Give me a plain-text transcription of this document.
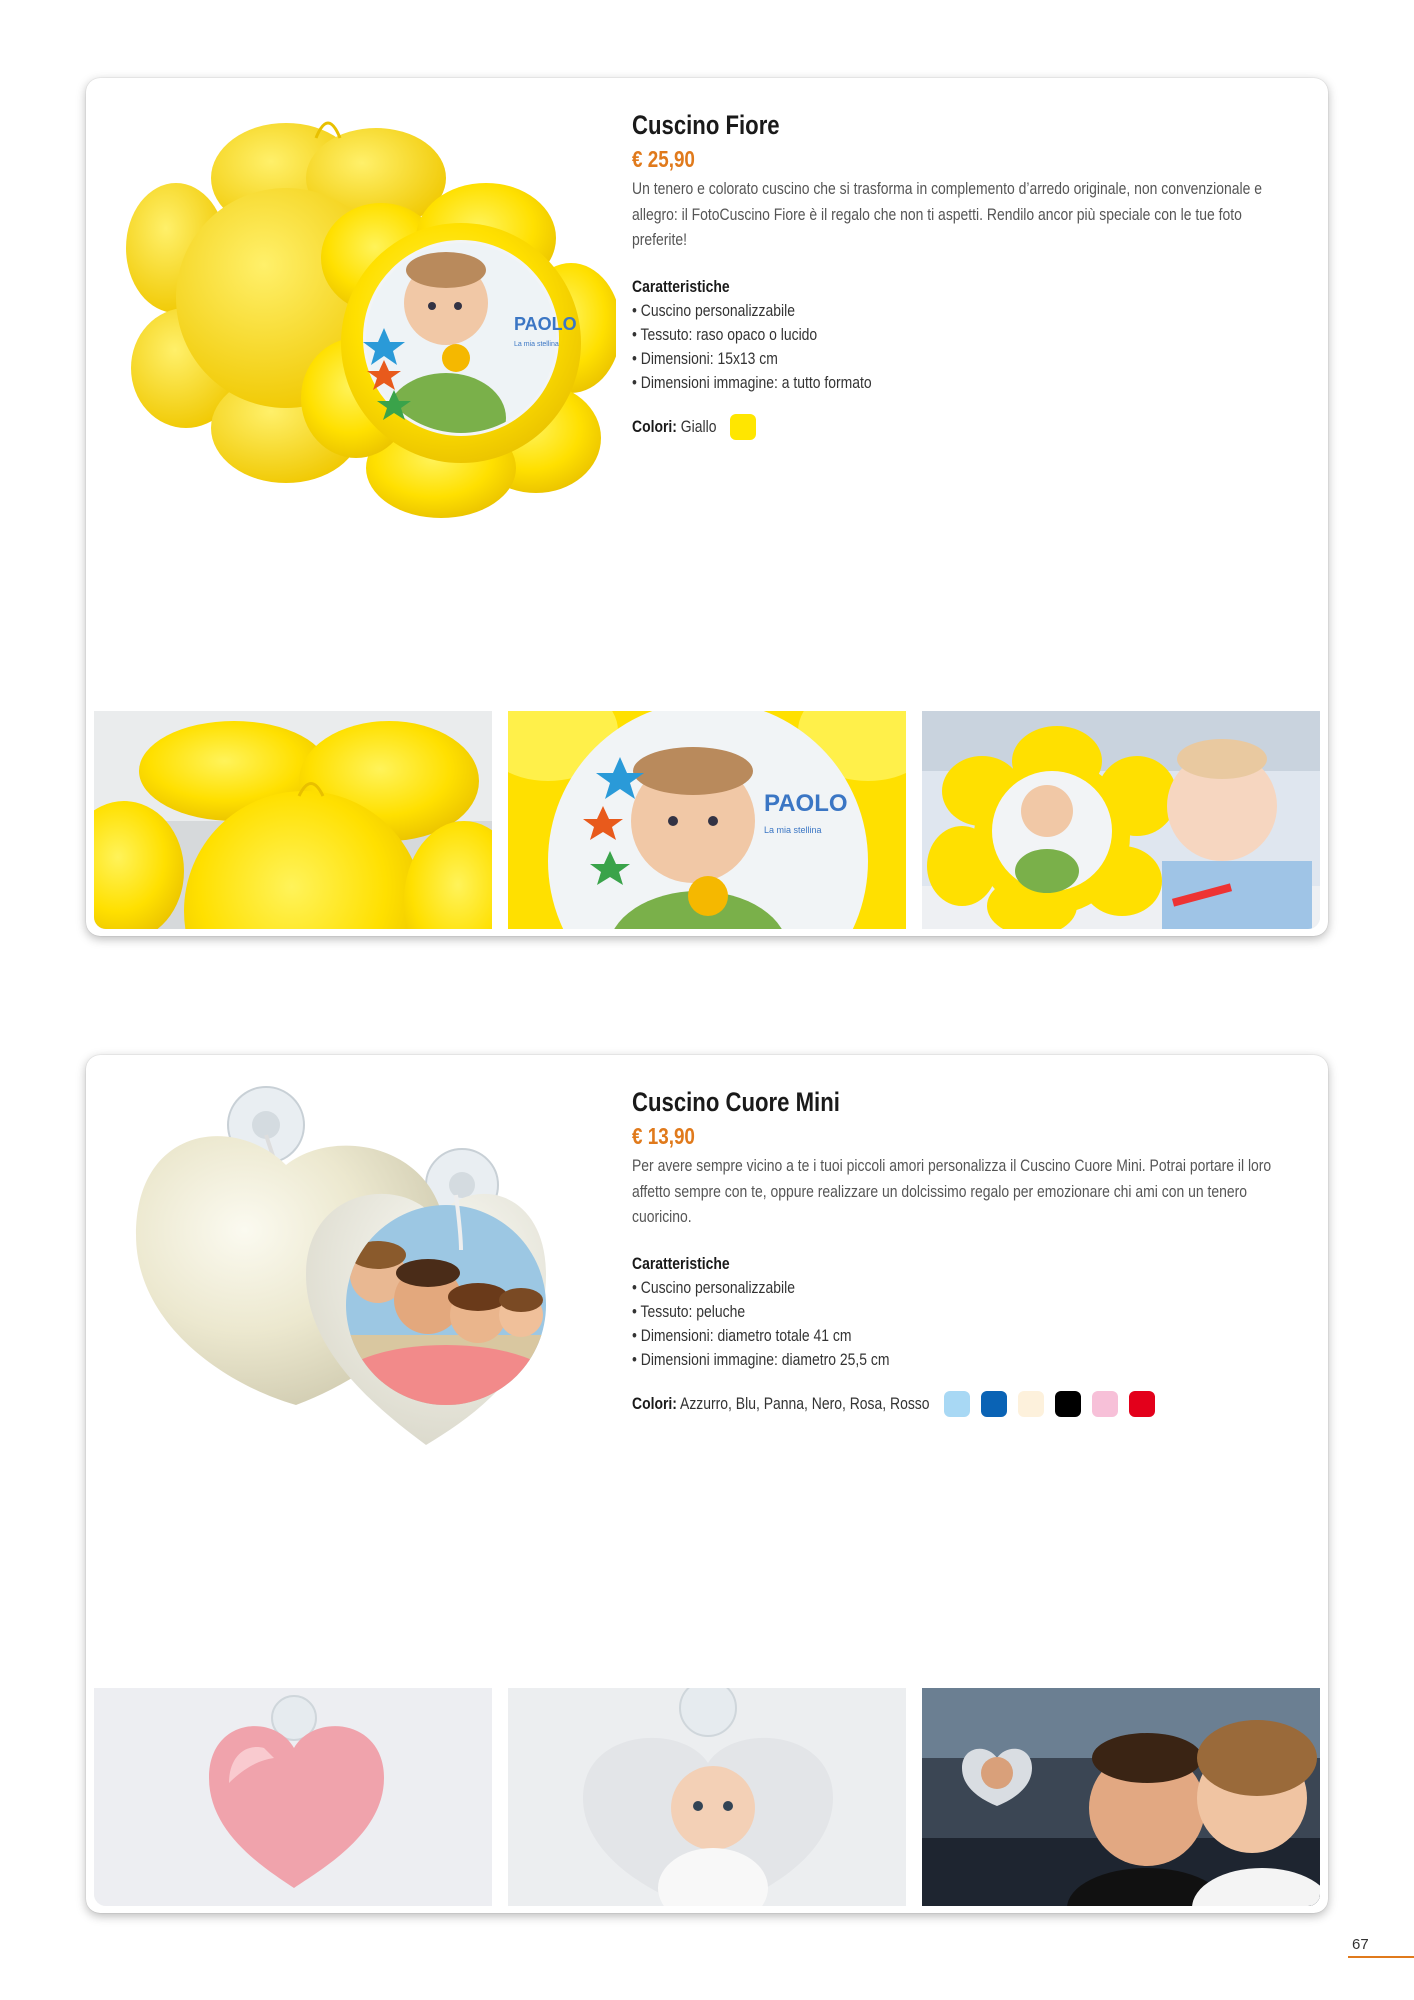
PAOLO
La mia stellina
Cuscino Fiore
€ 25,90
Un tenero e colorato cuscino che si trasforma in complemento d’arredo originale, non convenzionale e allegro: il FotoCuscino Fiore è il regalo che non ti aspetti. Rendilo ancor più speciale con le tue foto preferite!
Caratteristiche
• Cuscino personalizzabile
• Tessuto: raso opaco o lucido
• Dimensioni: 15x13 cm
• Dimensioni immagine: a tutto formato
Colori: Giallo
PAOLO
La mia stellina
Cuscino Cuore Mini
€ 13,90
Per avere sempre vicino a te i tuoi piccoli amori personalizza il Cuscino Cuore Mini. Potrai portare il loro affetto sempre con te, oppure realizzare un dolcissimo regalo per emozionare chi ami con un tenero cuoricino.
Caratteristiche
• Cuscino personalizzabile
• Tessuto: peluche
• Dimensioni: diametro totale 41 cm
• Dimensioni immagine: diametro 25,5 cm
Colori: Azzurro, Blu, Panna, Nero, Rosa, Rosso
67
